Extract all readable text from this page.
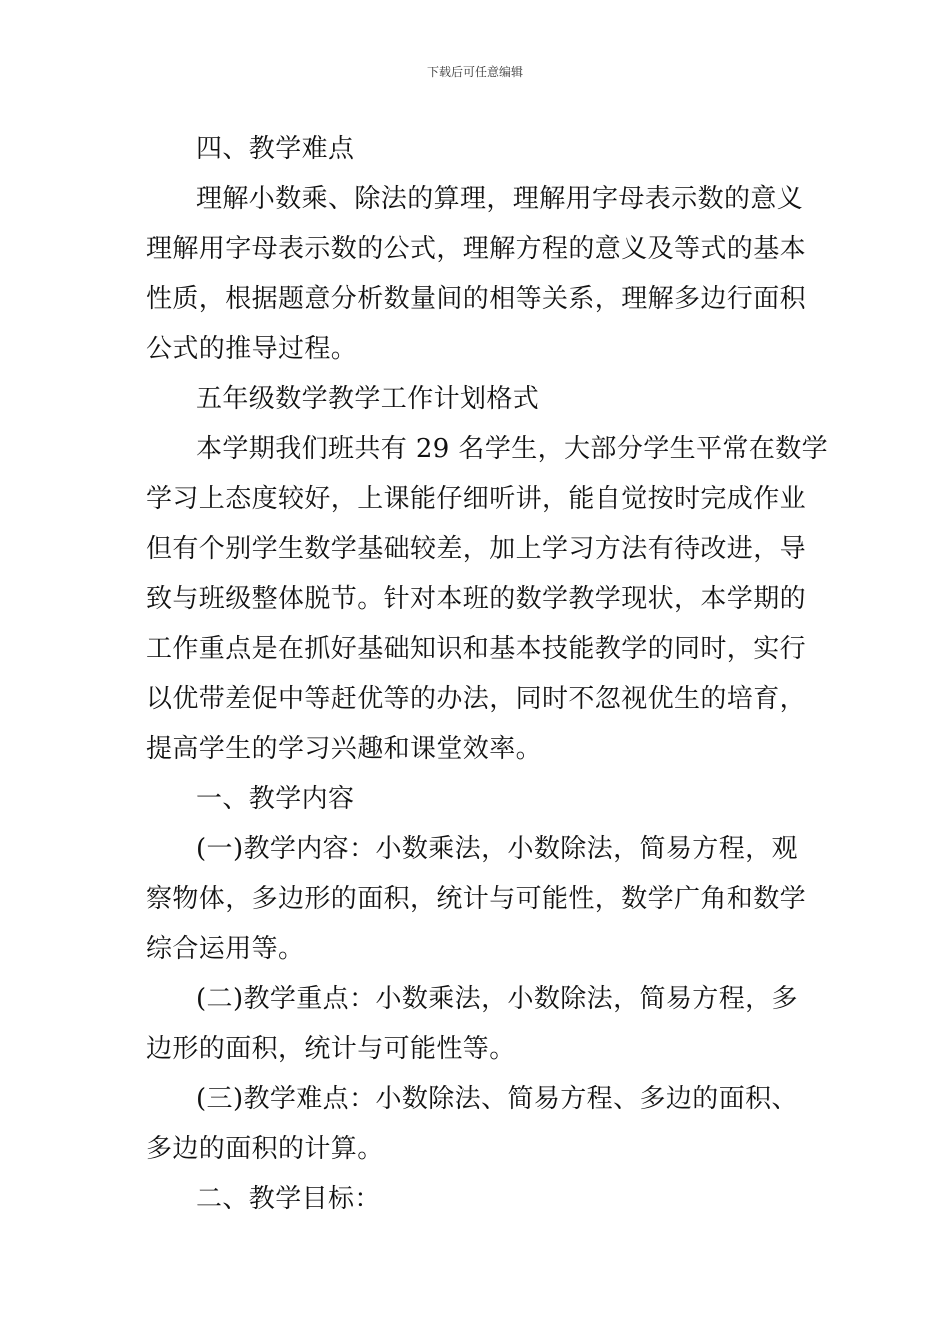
下载后可任意编辑
四、教学难点
理解小数乘、除法的算理，理解用字母表示数的意义
理解用字母表示数的公式，理解方程的意义及等式的基本
性质，根据题意分析数量间的相等关系，理解多边行面积
公式的推导过程。
五年级数学教学工作计划格式
本学期我们班共有 29 名学生，大部分学生平常在数学
学习上态度较好，上课能仔细听讲，能自觉按时完成作业
但有个别学生数学基础较差，加上学习方法有待改进，导
致与班级整体脱节。针对本班的数学教学现状，本学期的
工作重点是在抓好基础知识和基本技能教学的同时，实行
以优带差促中等赶优等的办法，同时不忽视优生的培育，
提高学生的学习兴趣和课堂效率。
一、教学内容
(一)教学内容：小数乘法，小数除法，简易方程，观
察物体，多边形的面积，统计与可能性，数学广角和数学
综合运用等。
(二)教学重点：小数乘法，小数除法，简易方程，多
边形的面积，统计与可能性等。
(三)教学难点：小数除法、简易方程、多边的面积、
多边的面积的计算。
二、教学目标：
